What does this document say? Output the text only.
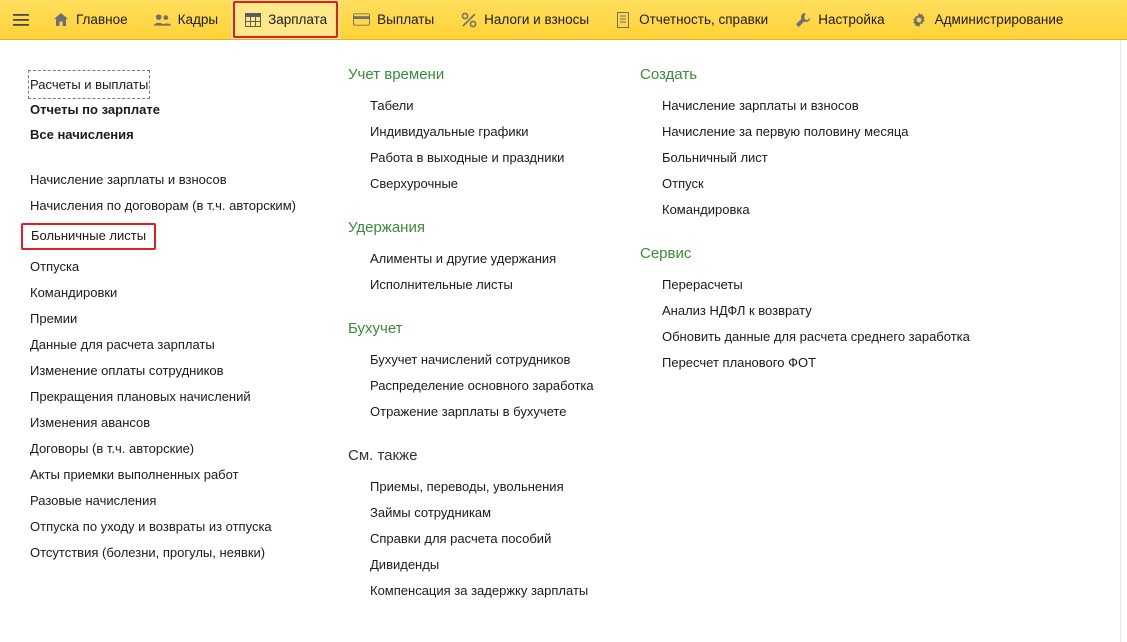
Главное	Кадры	Зарплата	Выплаты	Налоги и взносы	Отчетность, справки	Настройка	Администрирование
Расчеты и выплаты
Отчеты по зарплате
Все начисления
Начисление зарплаты и взносов
Начисления по договорам (в т.ч. авторским)
Больничные листы
Отпуска
Командировки
Премии
Данные для расчета зарплаты
Изменение оплаты сотрудников
Прекращения плановых начислений
Изменения авансов
Договоры (в т.ч. авторские)
Акты приемки выполненных работ
Разовые начисления
Отпуска по уходу и возвраты из отпуска
Отсутствия (болезни, прогулы, неявки)
Учет времени
Табели
Индивидуальные графики
Работа в выходные и праздники
Сверхурочные
Удержания
Алименты и другие удержания
Исполнительные листы
Бухучет
Бухучет начислений сотрудников
Распределение основного заработка
Отражение зарплаты в бухучете
См. также
Приемы, переводы, увольнения
Займы сотрудникам
Справки для расчета пособий
Дивиденды
Компенсация за задержку зарплаты
Создать
Начисление зарплаты и взносов
Начисление за первую половину месяца
Больничный лист
Отпуск
Командировка
Сервис
Перерасчеты
Анализ НДФЛ к возврату
Обновить данные для расчета среднего заработка
Пересчет планового ФОТ
